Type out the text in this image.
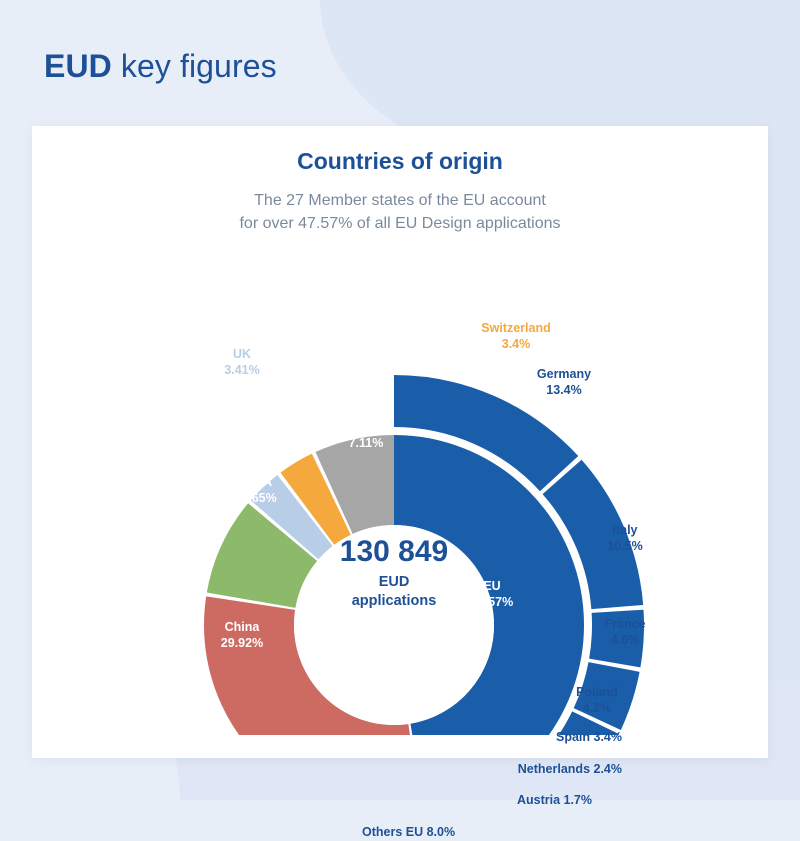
EUD key figures
Countries of origin
The 27 Member states of the EU account
for over 47.57% of all EU Design applications
Switzerland
3.4%
UK
3.41%
USA
8.65%
Others
7.11%
China
29.92%
EU
47.57%
Germany
13.4%
Italy
10.5%
France
4.0%
Poland
4.2%
Spain 3.4%
Netherlands 2.4%
Austria 1.7%
Others EU 8.0%
130 849
EUD
applications
